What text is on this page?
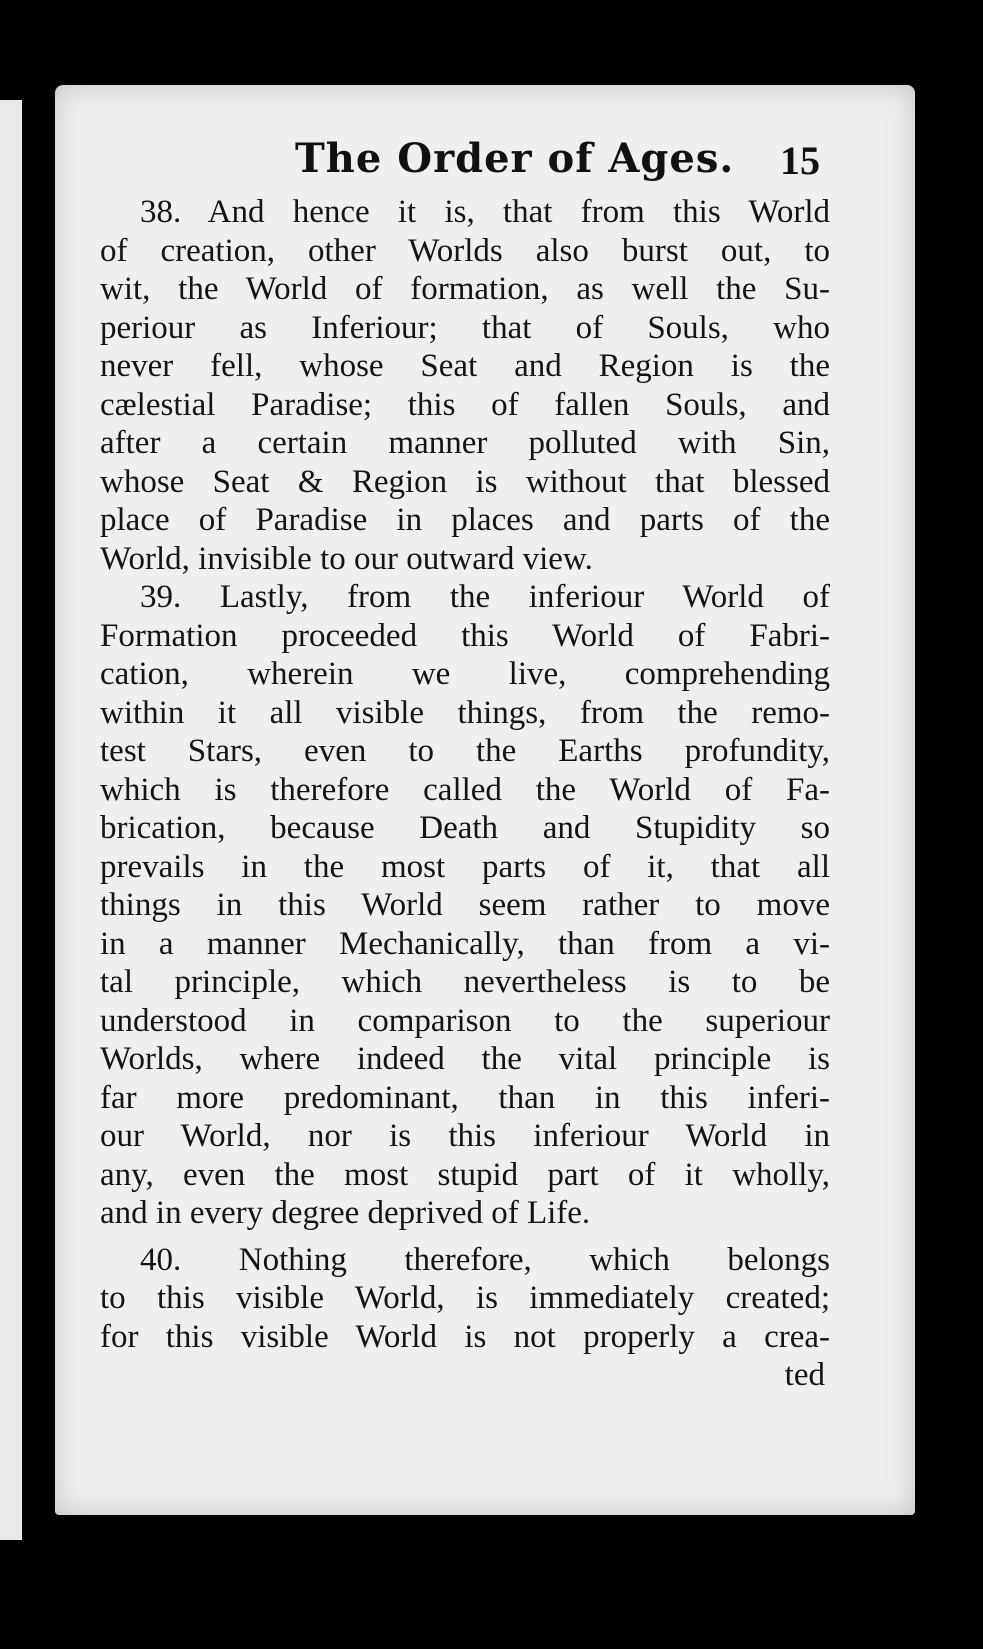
The Order of Ages. 15
38. And hence it is, that from this World
of creation, other Worlds also burst out, to
wit, the World of formation, as well the Su-
periour as Inferiour; that of Souls, who
never fell, whose Seat and Region is the
cælestial Paradise; this of fallen Souls, and
after a certain manner polluted with Sin,
whose Seat & Region is without that blessed
place of Paradise in places and parts of the
World, invisible to our outward view.
39. Lastly, from the inferiour World of
Formation proceeded this World of Fabri-
cation, wherein we live, comprehending
within it all visible things, from the remo-
test Stars, even to the Earths profundity,
which is therefore called the World of Fa-
brication, because Death and Stupidity so
prevails in the most parts of it, that all
things in this World seem rather to move
in a manner Mechanically, than from a vi-
tal principle, which nevertheless is to be
understood in comparison to the superiour
Worlds, where indeed the vital principle is
far more predominant, than in this inferi-
our World, nor is this inferiour World in
any, even the most stupid part of it wholly,
and in every degree deprived of Life.
40. Nothing therefore, which belongs
to this visible World, is immediately created;
for this visible World is not properly a crea-
ted
